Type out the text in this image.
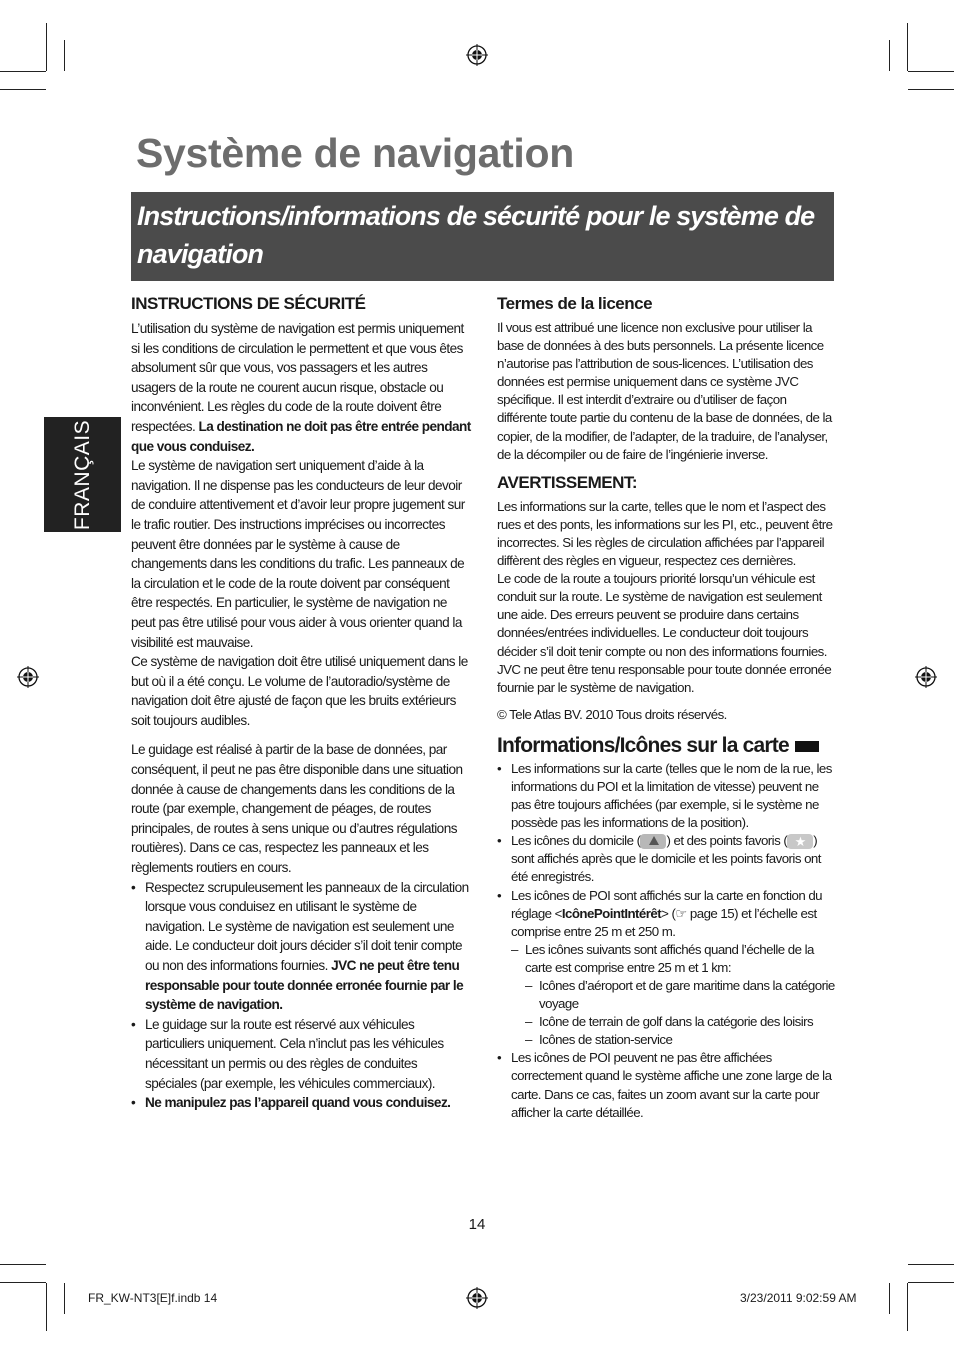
Système de navigation
Instructions/informations de sécurité pour le système de navigation
FRANÇAIS
INSTRUCTIONS DE SÉCURITÉ

L’utilisation du système de navigation est permis uniquement si les conditions de circulation le permettent et que vous êtes absolument sûr que vous, vos passagers et les autres usagers de la route ne courent aucun risque, obstacle ou inconvénient. Les règles du code de la route doivent être respectées. La destination ne doit pas être entrée pendant que vous conduisez.

Le système de navigation sert uniquement d’aide à la navigation. Il ne dispense pas les conducteurs de leur devoir de conduire attentivement et d’avoir leur propre jugement sur le trafic routier. Des instructions imprécises ou incorrectes peuvent être données par le système à cause de changements dans les conditions du trafic. Les panneaux de la circulation et le code de la route doivent par conséquent être respectés. En particulier, le système de navigation ne peut pas être utilisé pour vous aider à vous orienter quand la visibilité est mauvaise.

Ce système de navigation doit être utilisé uniquement dans le but où il a été conçu. Le volume de l’autoradio/système de navigation doit être ajusté de façon que les bruits extérieurs soit toujours audibles.

Le guidage est réalisé à partir de la base de données, par conséquent, il peut ne pas être disponible dans une situation donnée à cause de changements dans les conditions de la route (par exemple, changement de péages, de routes principales, de routes à sens unique ou d’autres régulations routières). Dans ce cas, respectez les panneaux et les règlements routiers en cours.

• Respectez scrupuleusement les panneaux de la circulation lorsque vous conduisez en utilisant le système de navigation. Le système de navigation est seulement une aide. Le conducteur doit jours décider s’il doit tenir compte ou non des informations fournies. JVC ne peut être tenu responsable pour toute donnée erronée fournie par le système de navigation.
• Le guidage sur la route est réservé aux véhicules particuliers uniquement. Cela n’inclut pas les véhicules nécessitant un permis ou des règles de conduites spéciales (par exemple, les véhicules commerciaux).
• Ne manipulez pas l’appareil quand vous conduisez.
Termes de la licence

Il vous est attribué une licence non exclusive pour utiliser la base de données à des buts personnels. La présente licence n’autorise pas l’attribution de sous-licences. L’utilisation des données est permise uniquement dans ce système JVC spécifique. Il est interdit d’extraire ou d’utiliser de façon différente toute partie du contenu de la base de données, de la copier, de la modifier, de l’adapter, de la traduire, de l’analyser, de la décompiler ou de faire de l’ingénierie inverse.

AVERTISSEMENT:

Les informations sur la carte, telles que le nom et l’aspect des rues et des ponts, les informations sur les PI, etc., peuvent être incorrectes. Si les règles de circulation affichées par l’appareil diffèrent des règles en vigueur, respectez ces dernières.

Le code de la route a toujours priorité lorsqu’un véhicule est conduit sur la route. Le système de navigation est seulement une aide. Des erreurs peuvent se produire dans certains données/entrées individuelles. Le conducteur doit toujours décider s’il doit tenir compte ou non des informations fournies.

JVC ne peut être tenu responsable pour toute donnée erronée fournie par le système de navigation.

© Tele Atlas BV. 2010 Tous droits réservés.

Informations/Icônes sur la carte
• Les informations sur la carte (telles que le nom de la rue, les informations du POI et la limitation de vitesse) peuvent ne pas être toujours affichées (par exemple, si le système ne possède pas les informations de la position).
• Les icônes du domicile ( ) et des points favoris ( ★ ) sont affichés après que le domicile et les points favoris ont été enregistrés.
• Les icônes de POI sont affichés sur la carte en fonction du réglage <IcônePointIntérêt> (☞ page 15) et l’échelle est comprise entre 25 m et 250 m.
– Les icônes suivants sont affichés quand l’échelle de la carte est comprise entre 25 m et 1 km:
– Icônes d’aéroport et de gare maritime dans la catégorie voyage
– Icône de terrain de golf dans la catégorie des loisirs
– Icônes de station-service
• Les icônes de POI peuvent ne pas être affichées correctement quand le système affiche une zone large de la carte. Dans ce cas, faites un zoom avant sur la carte pour afficher la carte détaillée.
14
FR_KW-NT3[E]f.indb 14	3/23/2011 9:02:59 AM
